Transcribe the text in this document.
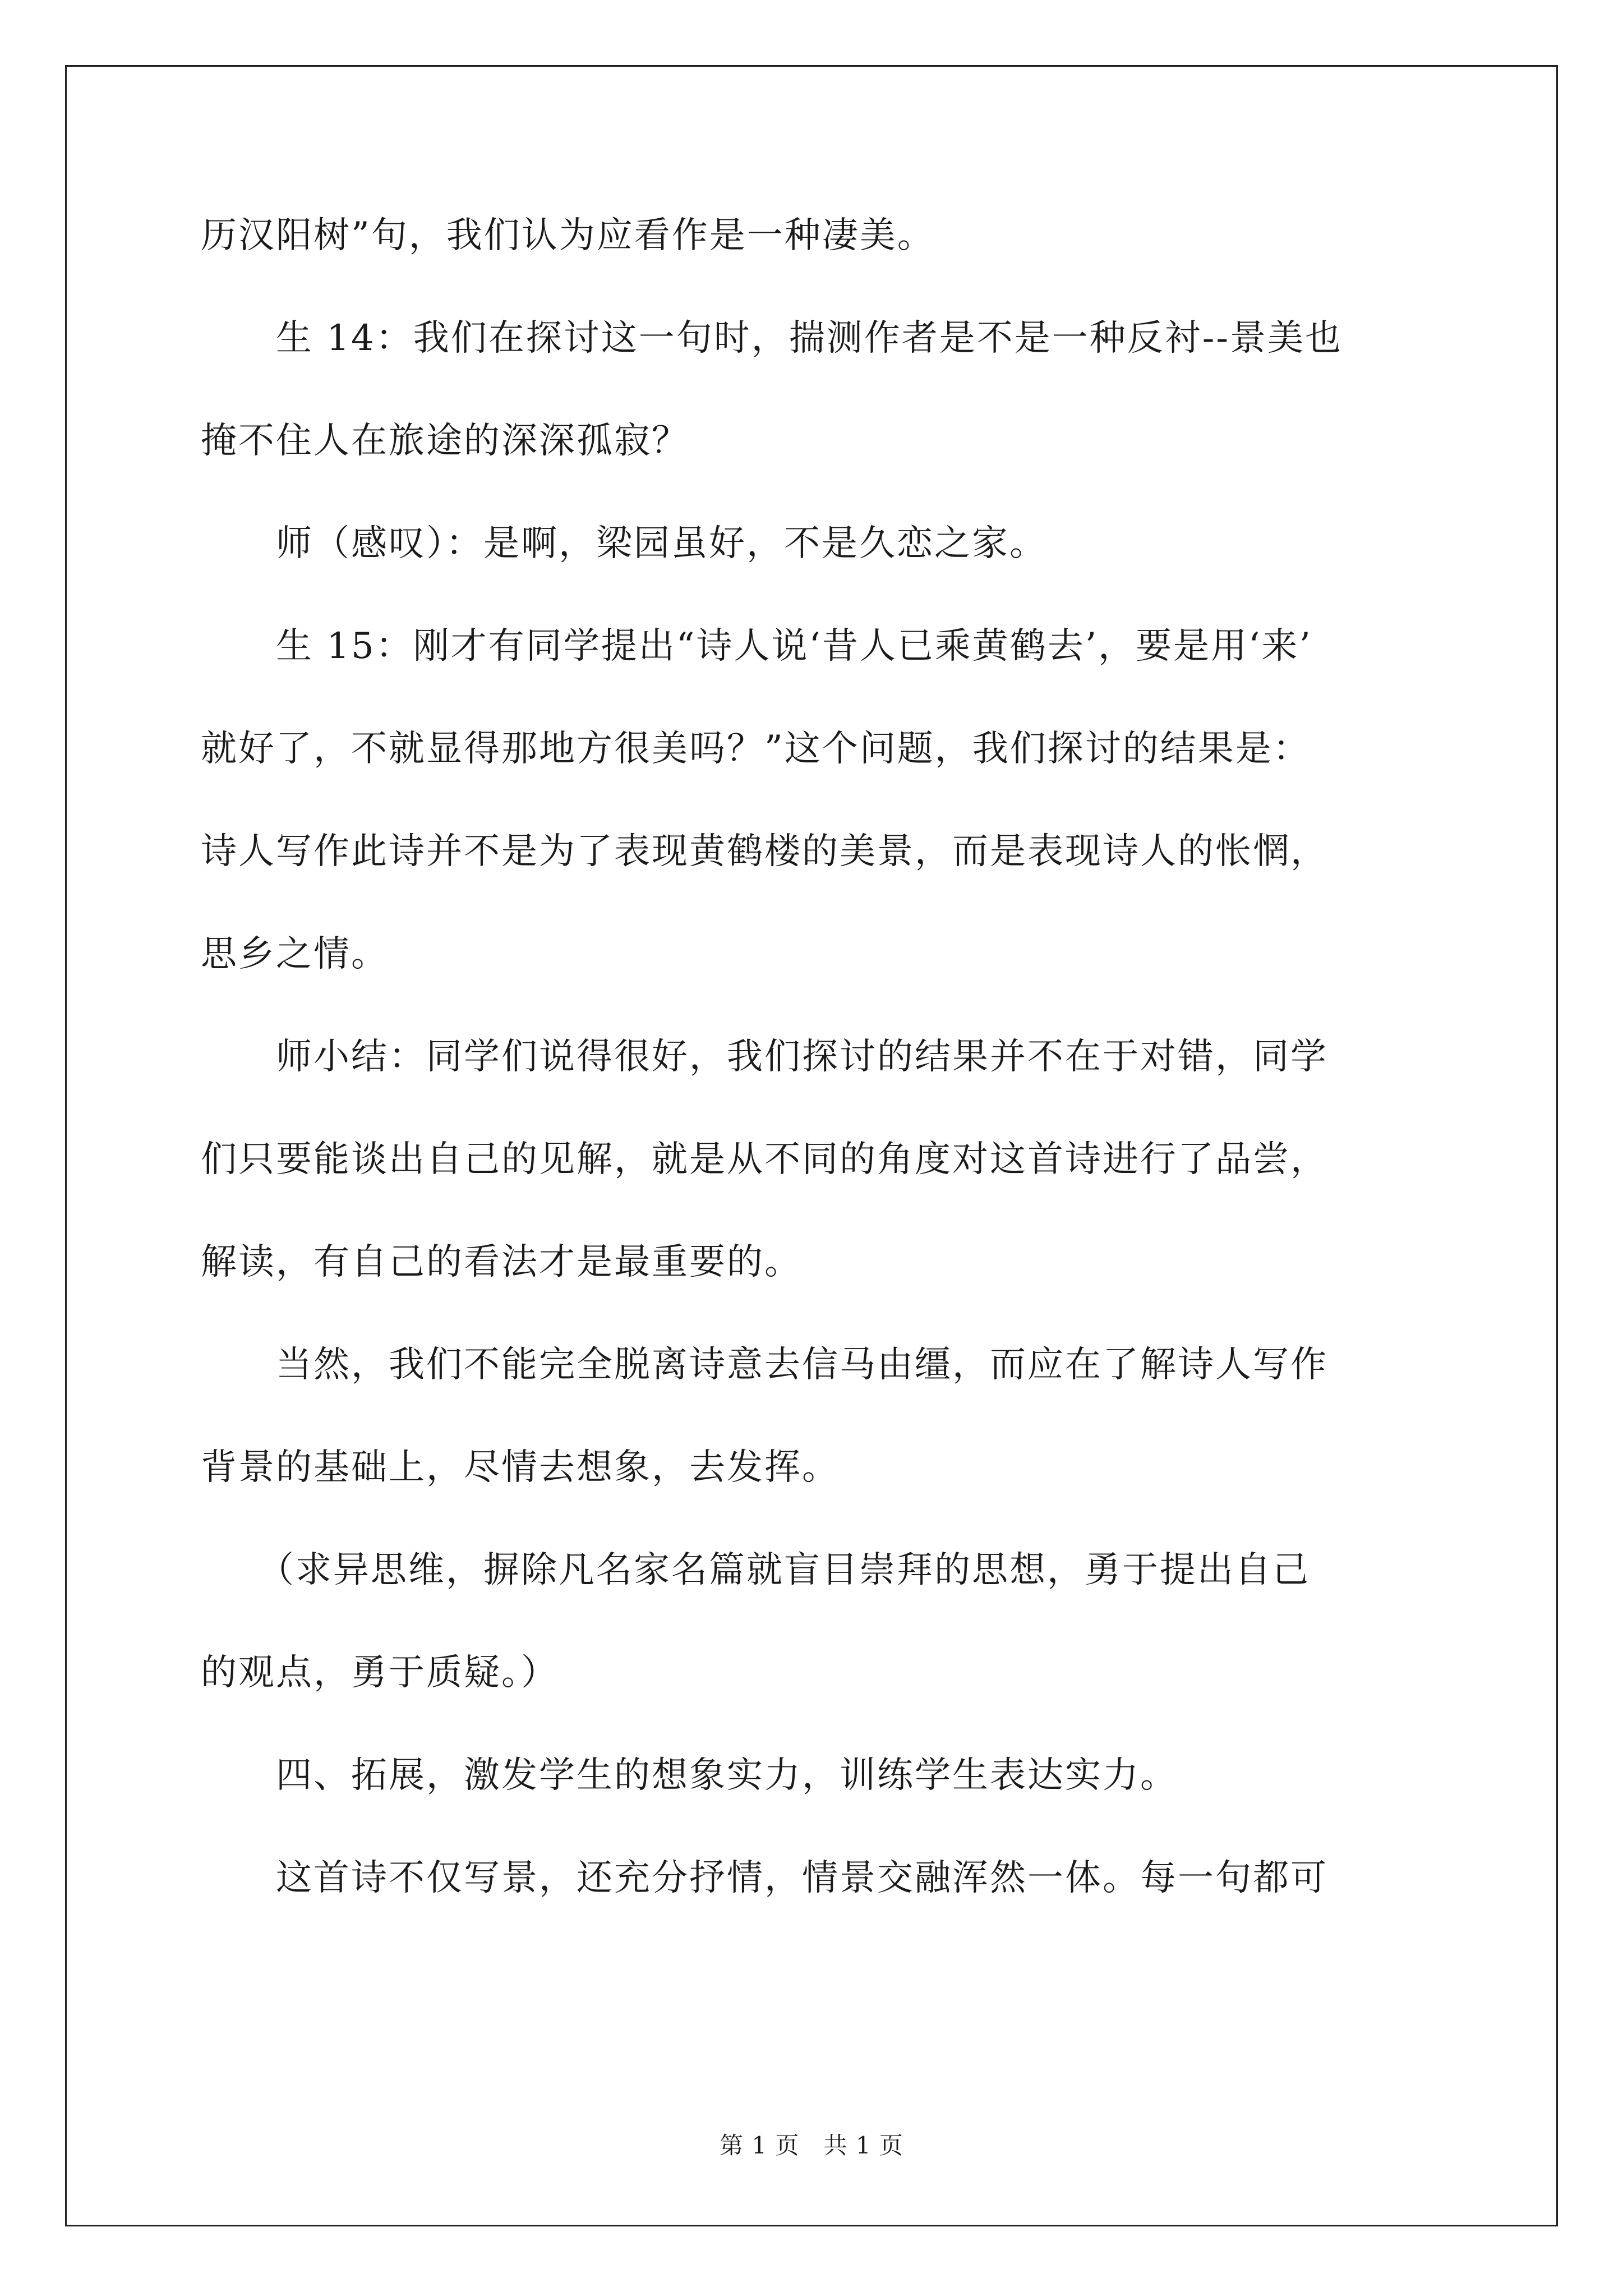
历汉阳树”句，我们认为应看作是一种凄美。
　　生 14：我们在探讨这一句时，揣测作者是不是一种反衬--景美也
掩不住人在旅途的深深孤寂？
　　师（感叹）：是啊，梁园虽好，不是久恋之家。
　　生 15：刚才有同学提出“诗人说‘昔人已乘黄鹤去’，要是用‘来’
就好了，不就显得那地方很美吗？”这个问题，我们探讨的结果是：
诗人写作此诗并不是为了表现黄鹤楼的美景，而是表现诗人的怅惘，
思乡之情。
　　师小结：同学们说得很好，我们探讨的结果并不在于对错，同学
们只要能谈出自己的见解，就是从不同的角度对这首诗进行了品尝，
解读，有自己的看法才是最重要的。
　　当然，我们不能完全脱离诗意去信马由缰，而应在了解诗人写作
背景的基础上，尽情去想象，去发挥。
　　（求异思维，摒除凡名家名篇就盲目崇拜的思想，勇于提出自己
的观点，勇于质疑。）
　　四、拓展，激发学生的想象实力，训练学生表达实力。
　　这首诗不仅写景，还充分抒情，情景交融浑然一体。每一句都可
第 1 页　共 1 页
